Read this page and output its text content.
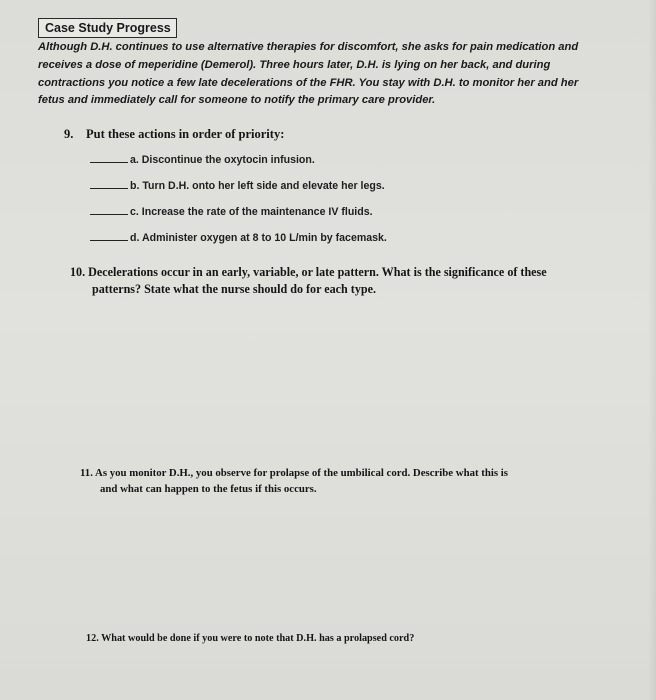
Case Study Progress
Although D.H. continues to use alternative therapies for discomfort, she asks for pain medication and
receives a dose of meperidine (Demerol). Three hours later, D.H. is lying on her back, and during
contractions you notice a few late decelerations of the FHR. You stay with D.H. to monitor her and her
fetus and immediately call for someone to notify the primary care provider.
9. Put these actions in order of priority:
a. Discontinue the oxytocin infusion.
b. Turn D.H. onto her left side and elevate her legs.
c. Increase the rate of the maintenance IV fluids.
d. Administer oxygen at 8 to 10 L/min by facemask.
10. Decelerations occur in an early, variable, or late pattern. What is the significance of these
patterns? State what the nurse should do for each type.
11. As you monitor D.H., you observe for prolapse of the umbilical cord. Describe what this is
and what can happen to the fetus if this occurs.
12. What would be done if you were to note that D.H. has a prolapsed cord?
